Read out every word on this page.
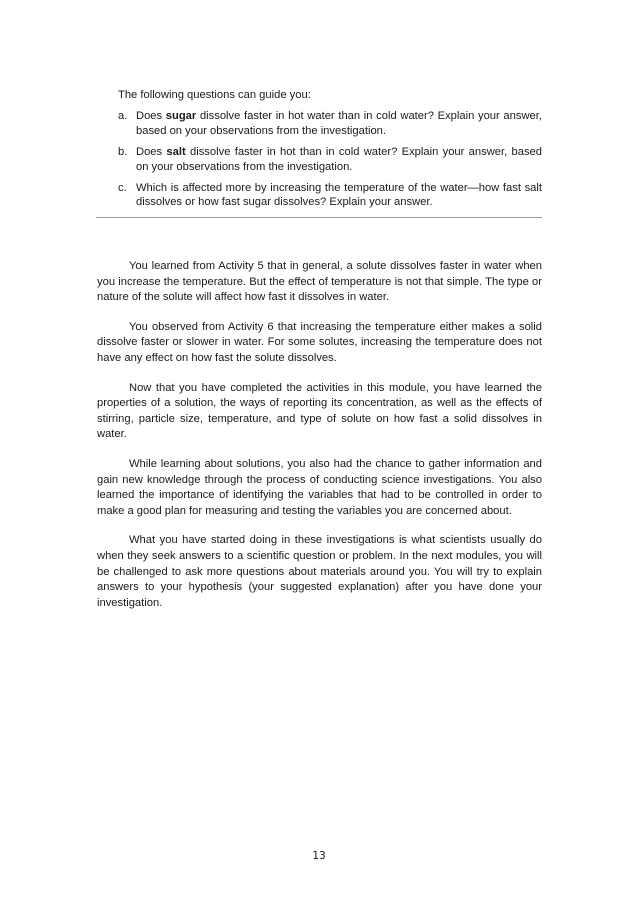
The following questions can guide you:

a. Does sugar dissolve faster in hot water than in cold water? Explain your answer, based on your observations from the investigation.
b. Does salt dissolve faster in hot than in cold water? Explain your answer, based on your observations from the investigation.
c. Which is affected more by increasing the temperature of the water—how fast salt dissolves or how fast sugar dissolves? Explain your answer.

You learned from Activity 5 that in general, a solute dissolves faster in water when you increase the temperature. But the effect of temperature is not that simple. The type or nature of the solute will affect how fast it dissolves in water.

You observed from Activity 6 that increasing the temperature either makes a solid dissolve faster or slower in water. For some solutes, increasing the temperature does not have any effect on how fast the solute dissolves.

Now that you have completed the activities in this module, you have learned the properties of a solution, the ways of reporting its concentration, as well as the effects of stirring, particle size, temperature, and type of solute on how fast a solid dissolves in water.

While learning about solutions, you also had the chance to gather information and gain new knowledge through the process of conducting science investigations. You also learned the importance of identifying the variables that had to be controlled in order to make a good plan for measuring and testing the variables you are concerned about.

What you have started doing in these investigations is what scientists usually do when they seek answers to a scientific question or problem. In the next modules, you will be challenged to ask more questions about materials around you. You will try to explain answers to your hypothesis (your suggested explanation) after you have done your investigation.

13
